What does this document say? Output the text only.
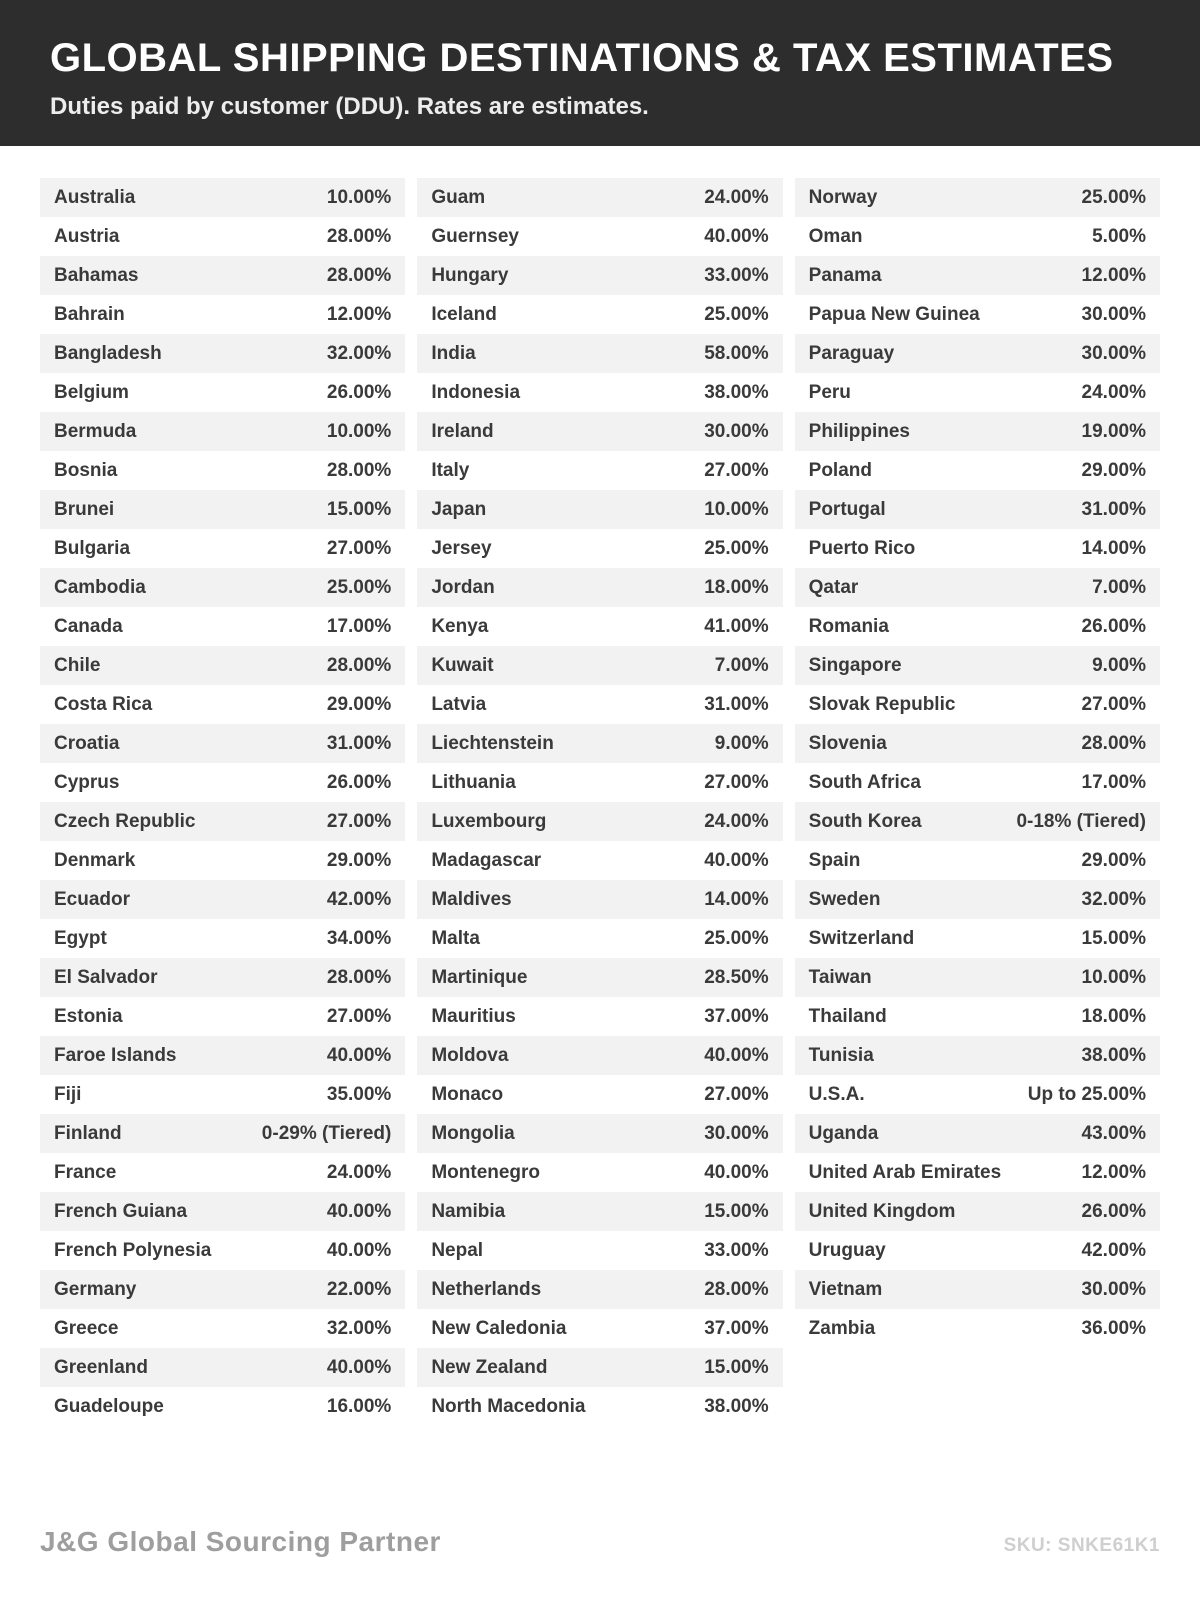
GLOBAL SHIPPING DESTINATIONS & TAX ESTIMATES
Duties paid by customer (DDU). Rates are estimates.
Australia	10.00%
Austria	28.00%
Bahamas	28.00%
Bahrain	12.00%
Bangladesh	32.00%
Belgium	26.00%
Bermuda	10.00%
Bosnia	28.00%
Brunei	15.00%
Bulgaria	27.00%
Cambodia	25.00%
Canada	17.00%
Chile	28.00%
Costa Rica	29.00%
Croatia	31.00%
Cyprus	26.00%
Czech Republic	27.00%
Denmark	29.00%
Ecuador	42.00%
Egypt	34.00%
El Salvador	28.00%
Estonia	27.00%
Faroe Islands	40.00%
Fiji	35.00%
Finland	0-29% (Tiered)
France	24.00%
French Guiana	40.00%
French Polynesia	40.00%
Germany	22.00%
Greece	32.00%
Greenland	40.00%
Guadeloupe	16.00%
Guam	24.00%
Guernsey	40.00%
Hungary	33.00%
Iceland	25.00%
India	58.00%
Indonesia	38.00%
Ireland	30.00%
Italy	27.00%
Japan	10.00%
Jersey	25.00%
Jordan	18.00%
Kenya	41.00%
Kuwait	7.00%
Latvia	31.00%
Liechtenstein	9.00%
Lithuania	27.00%
Luxembourg	24.00%
Madagascar	40.00%
Maldives	14.00%
Malta	25.00%
Martinique	28.50%
Mauritius	37.00%
Moldova	40.00%
Monaco	27.00%
Mongolia	30.00%
Montenegro	40.00%
Namibia	15.00%
Nepal	33.00%
Netherlands	28.00%
New Caledonia	37.00%
New Zealand	15.00%
North Macedonia	38.00%
Norway	25.00%
Oman	5.00%
Panama	12.00%
Papua New Guinea	30.00%
Paraguay	30.00%
Peru	24.00%
Philippines	19.00%
Poland	29.00%
Portugal	31.00%
Puerto Rico	14.00%
Qatar	7.00%
Romania	26.00%
Singapore	9.00%
Slovak Republic	27.00%
Slovenia	28.00%
South Africa	17.00%
South Korea	0-18% (Tiered)
Spain	29.00%
Sweden	32.00%
Switzerland	15.00%
Taiwan	10.00%
Thailand	18.00%
Tunisia	38.00%
U.S.A.	Up to 25.00%
Uganda	43.00%
United Arab Emirates	12.00%
United Kingdom	26.00%
Uruguay	42.00%
Vietnam	30.00%
Zambia	36.00%
J&G Global Sourcing Partner	SKU: SNKE61K1
